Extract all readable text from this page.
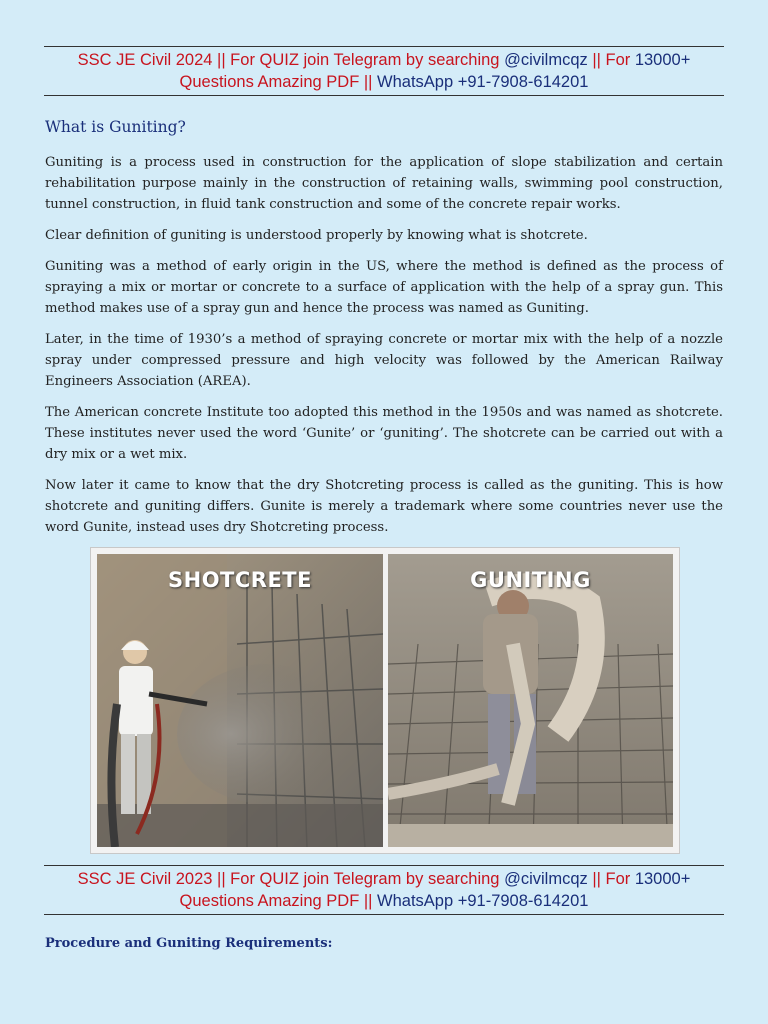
SSC JE Civil 2024 || For QUIZ join Telegram by searching @civilmcqz || For 13000+
Questions Amazing PDF || WhatsApp +91-7908-614201
What is Guniting?

Guniting is a process used in construction for the application of slope stabilization and certain rehabilitation purpose mainly in the construction of retaining walls, swimming pool construction, tunnel construction, in fluid tank construction and some of the concrete repair works.

Clear definition of guniting is understood properly by knowing what is shotcrete.

Guniting was a method of early origin in the US, where the method is defined as the process of spraying a mix or mortar or concrete to a surface of application with the help of a spray gun. This method makes use of a spray gun and hence the process was named as Guniting.

Later, in the time of 1930’s a method of spraying concrete or mortar mix with the help of a nozzle spray under compressed pressure and high velocity was followed by the American Railway Engineers Association (AREA).

The American concrete Institute too adopted this method in the 1950s and was named as shotcrete. These institutes never used the word ‘Gunite’ or ‘guniting’. The shotcrete can be carried out with a dry mix or a wet mix.

Now later it came to know that the dry Shotcreting process is called as the guniting. This is how shotcrete and guniting differs. Gunite is merely a trademark where some countries never use the word Gunite, instead uses dry Shotcreting process.

SHOTCRETE	GUNITING
SSC JE Civil 2023 || For QUIZ join Telegram by searching @civilmcqz || For 13000+
Questions Amazing PDF || WhatsApp +91-7908-614201
Procedure and Guniting Requirements:
